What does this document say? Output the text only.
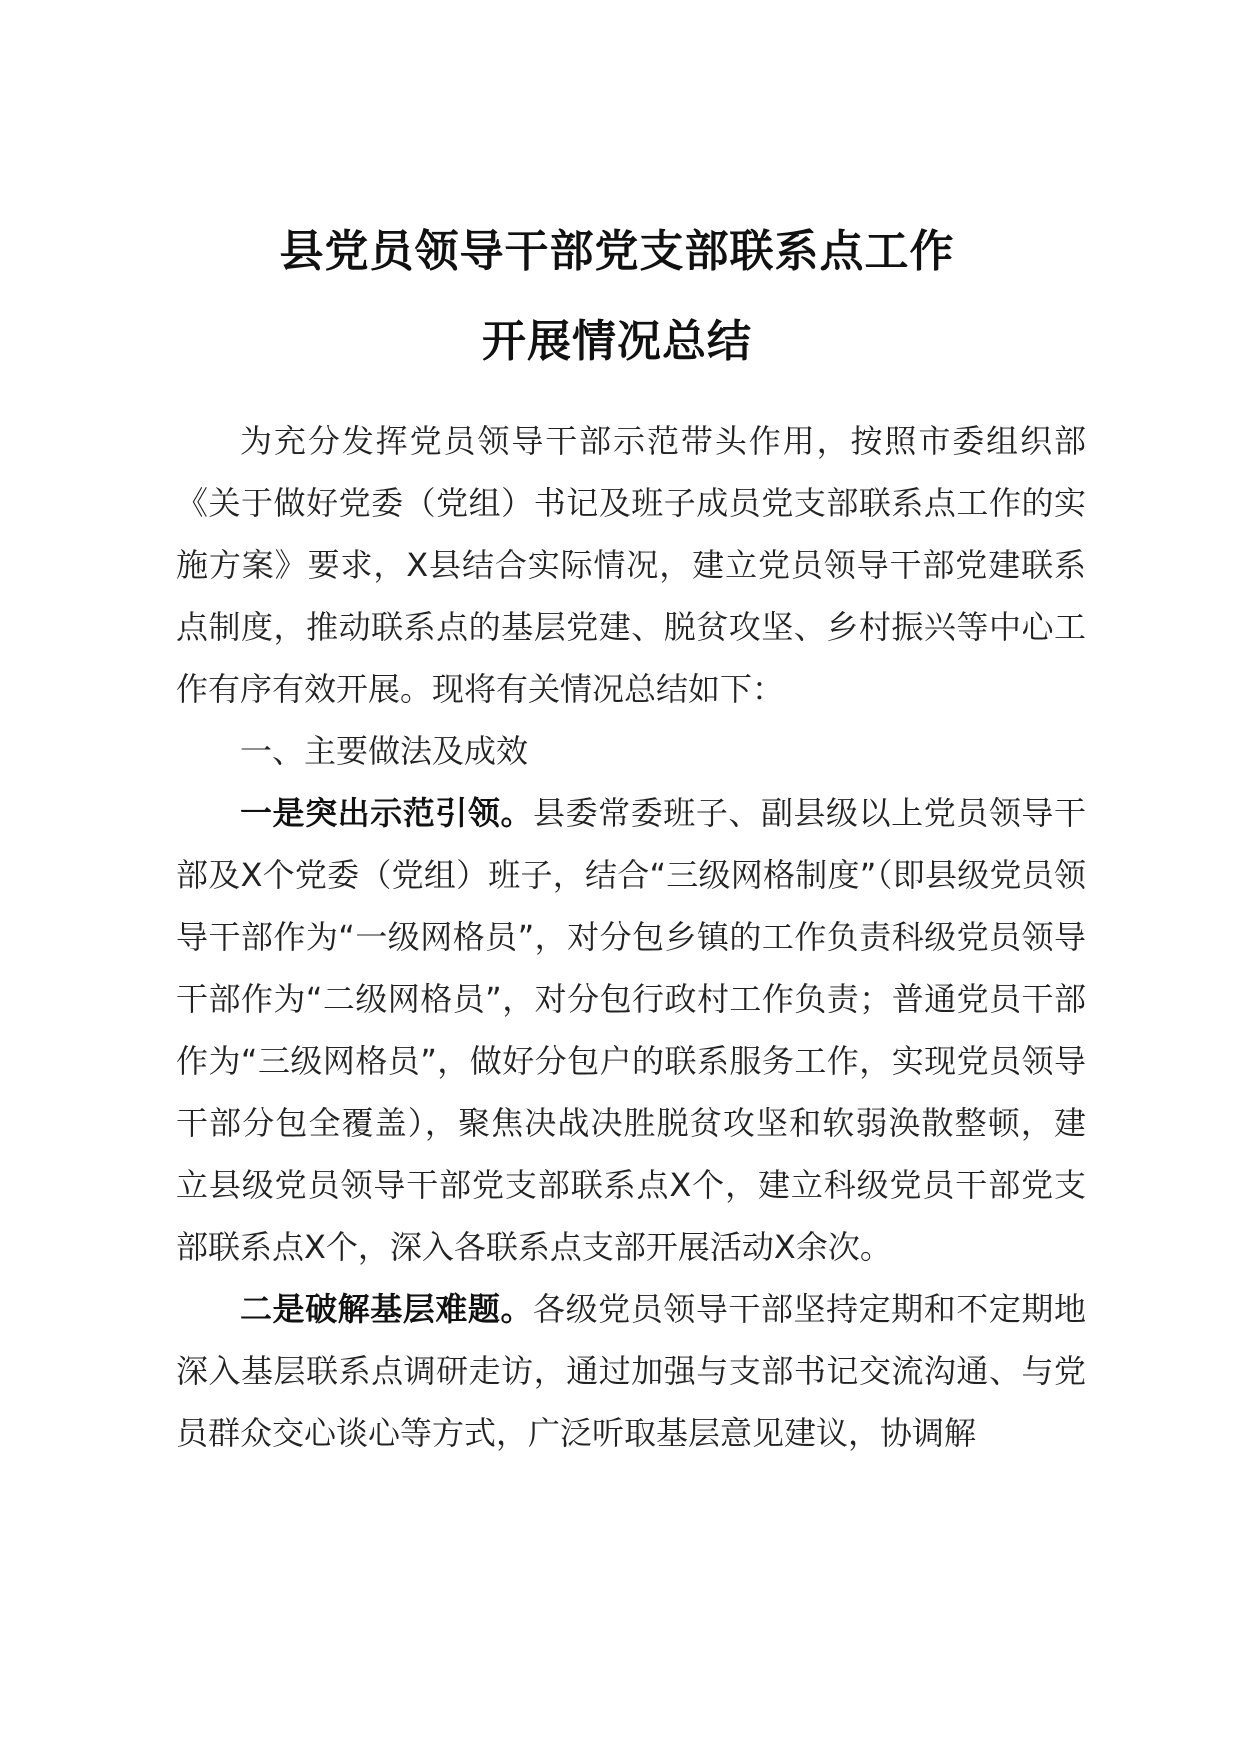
县党员领导干部党支部联系点工作
开展情况总结

为充分发挥党员领导干部示范带头作用，按照市委组织部《关于做好党委（党组）书记及班子成员党支部联系点工作的实施方案》要求，X县结合实际情况，建立党员领导干部党建联系点制度，推动联系点的基层党建、脱贫攻坚、乡村振兴等中心工作有序有效开展。现将有关情况总结如下：

一、主要做法及成效

一是突出示范引领。县委常委班子、副县级以上党员领导干部及X个党委（党组）班子，结合“三级网格制度”（即县级党员领导干部作为“一级网格员”，对分包乡镇的工作负责科级党员领导干部作为“二级网格员”，对分包行政村工作负责；普通党员干部作为“三级网格员”，做好分包户的联系服务工作，实现党员领导干部分包全覆盖），聚焦决战决胜脱贫攻坚和软弱涣散整顿，建立县级党员领导干部党支部联系点X个，建立科级党员干部党支部联系点X个，深入各联系点支部开展活动X余次。

二是破解基层难题。各级党员领导干部坚持定期和不定期地深入基层联系点调研走访，通过加强与支部书记交流沟通、与党员群众交心谈心等方式，广泛听取基层意见建议，协调解
